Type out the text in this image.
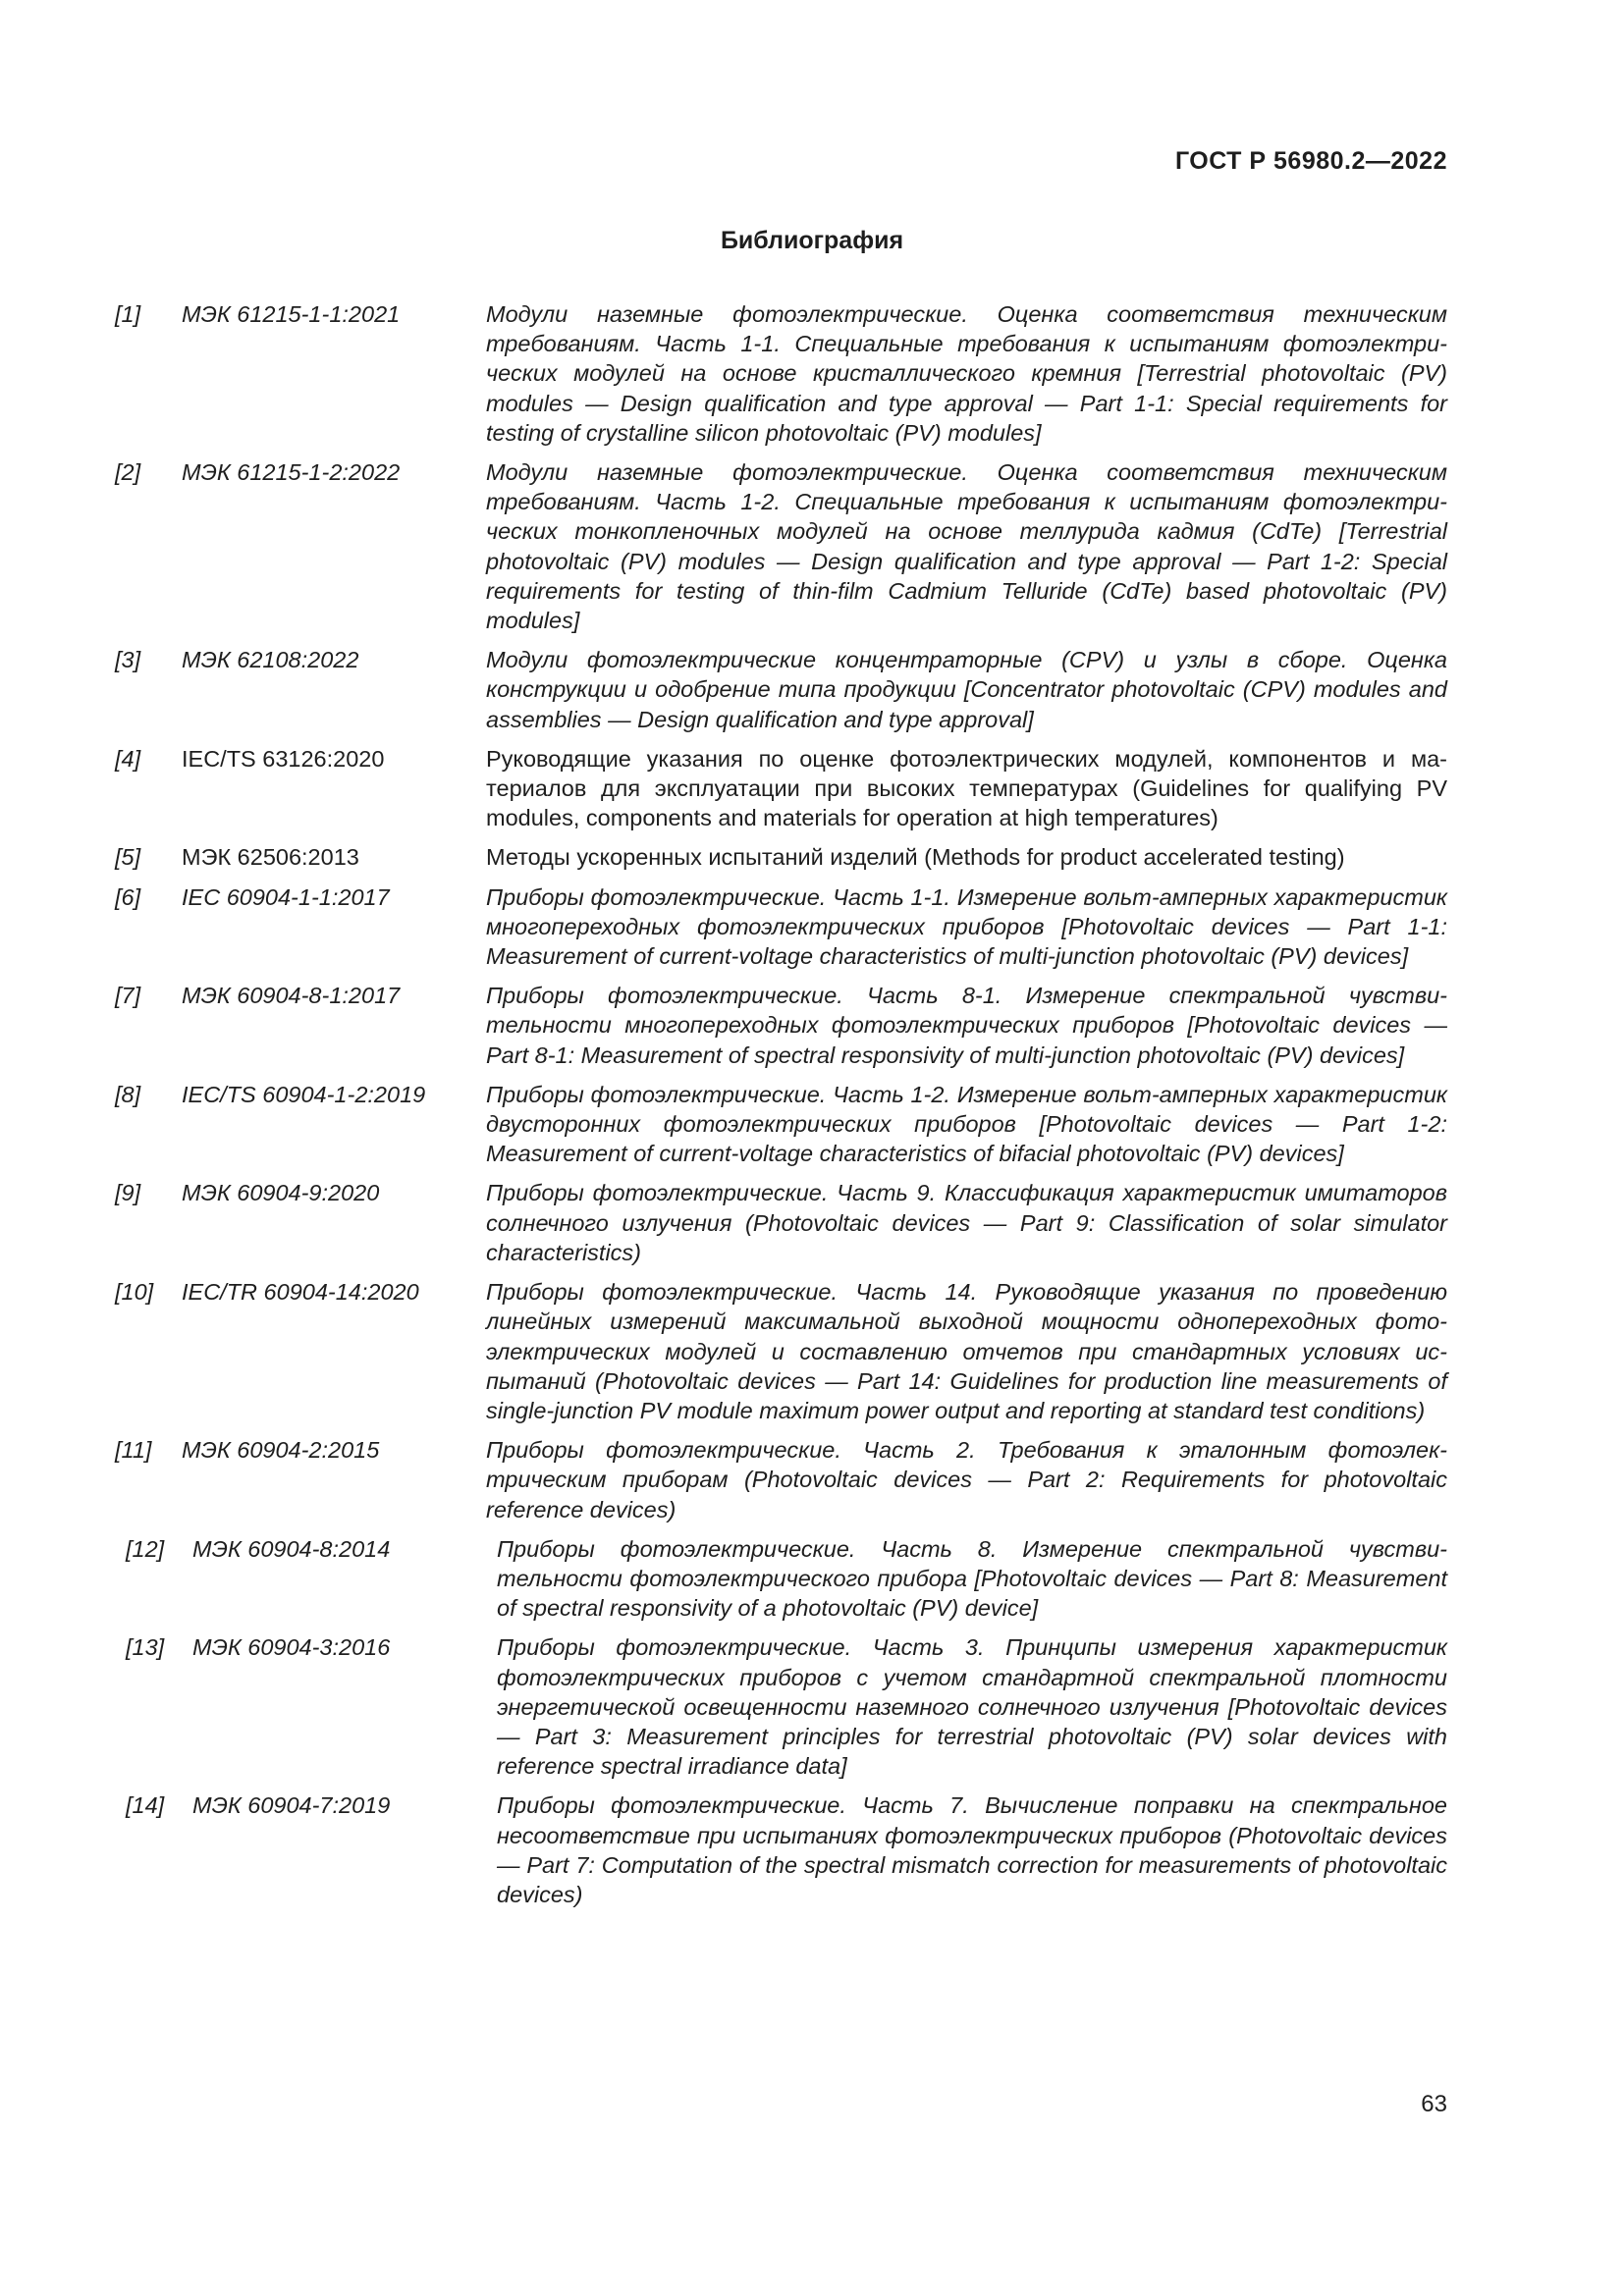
ГОСТ Р 56980.2—2022
Библиография
[1] МЭК 61215-1-1:2021	Модули наземные фотоэлектрические. Оценка соответствия техническим требованиям. Часть 1-1. Специальные требования к испытаниям фотоэлектрических модулей на основе кристаллического кремния [Terrestrial photovoltaic (PV) modules — Design qualification and type approval — Part 1-1: Special requirements for testing of crystalline silicon photovoltaic (PV) modules]
[2] МЭК 61215-1-2:2022	Модули наземные фотоэлектрические. Оценка соответствия техническим требованиям. Часть 1-2. Специальные требования к испытаниям фотоэлектрических тонкопленочных модулей на основе теллурида кадмия (CdTe) [Terrestrial photovoltaic (PV) modules — Design qualification and type approval — Part 1-2: Special requirements for testing of thin-film Cadmium Telluride (CdTe) based photovoltaic (PV) modules]
[3] МЭК 62108:2022	Модули фотоэлектрические концентраторные (CPV) и узлы в сборе. Оценка конструкции и одобрение типа продукции [Concentrator photovoltaic (CPV) modules and assemblies — Design qualification and type approval]
[4] IEC/TS 63126:2020	Руководящие указания по оценке фотоэлектрических модулей, компонентов и материалов для эксплуатации при высоких температурах (Guidelines for qualifying PV modules, components and materials for operation at high temperatures)
[5] МЭК 62506:2013	Методы ускоренных испытаний изделий (Methods for product accelerated testing)
[6] IEC 60904-1-1:2017	Приборы фотоэлектрические. Часть 1-1. Измерение вольт-амперных характеристик многопереходных фотоэлектрических приборов [Photovoltaic devices — Part 1-1: Measurement of current-voltage characteristics of multi-junction photovoltaic (PV) devices]
[7] МЭК 60904-8-1:2017	Приборы фотоэлектрические. Часть 8-1. Измерение спектральной чувствительности многопереходных фотоэлектрических приборов [Photovoltaic devices — Part 8-1: Measurement of spectral responsivity of multi-junction photovoltaic (PV) devices]
[8] IEC/TS 60904-1-2:2019	Приборы фотоэлектрические. Часть 1-2. Измерение вольт-амперных характеристик двусторонних фотоэлектрических приборов [Photovoltaic devices — Part 1-2: Measurement of current-voltage characteristics of bifacial photovoltaic (PV) devices]
[9] МЭК 60904-9:2020	Приборы фотоэлектрические. Часть 9. Классификация характеристик имитаторов солнечного излучения (Photovoltaic devices — Part 9: Classification of solar simulator characteristics)
[10] IEC/TR 60904-14:2020	Приборы фотоэлектрические. Часть 14. Руководящие указания по проведению линейных измерений максимальной выходной мощности однопереходных фотоэлектрических модулей и составлению отчетов при стандартных условиях испытаний (Photovoltaic devices — Part 14: Guidelines for production line measurements of single-junction PV module maximum power output and reporting at standard test conditions)
[11] МЭК 60904-2:2015	Приборы фотоэлектрические. Часть 2. Требования к эталонным фотоэлектрическим приборам (Photovoltaic devices — Part 2: Requirements for photovoltaic reference devices)
[12] МЭК 60904-8:2014	Приборы фотоэлектрические. Часть 8. Измерение спектральной чувствительности фотоэлектрического прибора [Photovoltaic devices — Part 8: Measurement of spectral responsivity of a photovoltaic (PV) device]
[13] МЭК 60904-3:2016	Приборы фотоэлектрические. Часть 3. Принципы измерения характеристик фотоэлектрических приборов с учетом стандартной спектральной плотности энергетической освещенности наземного солнечного излучения [Photovoltaic devices — Part 3: Measurement principles for terrestrial photovoltaic (PV) solar devices with reference spectral irradiance data]
[14] МЭК 60904-7:2019	Приборы фотоэлектрические. Часть 7. Вычисление поправки на спектральное несоответствие при испытаниях фотоэлектрических приборов (Photovoltaic devices — Part 7: Computation of the spectral mismatch correction for measurements of photovoltaic devices)
63
